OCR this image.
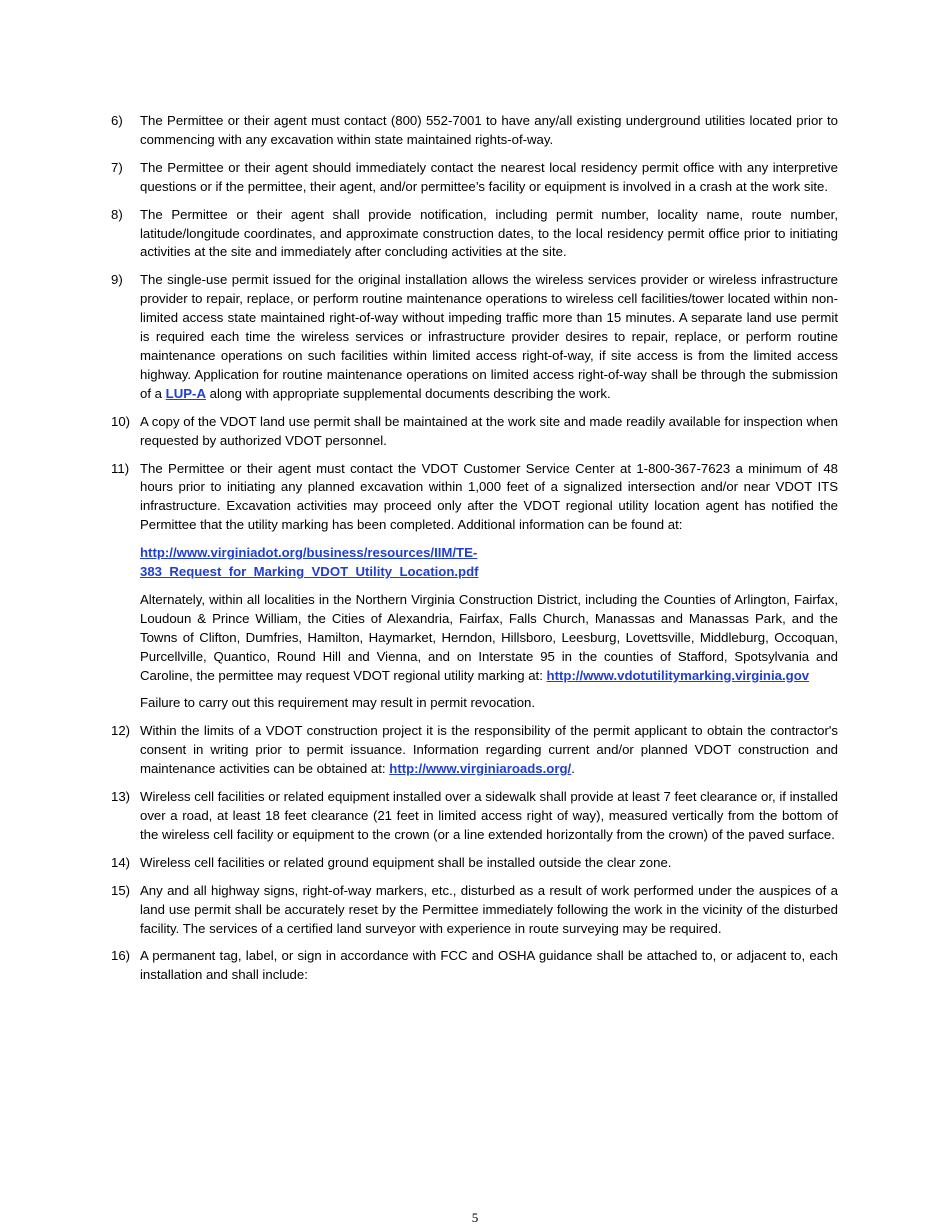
6) The Permittee or their agent must contact (800) 552-7001 to have any/all existing underground utilities located prior to commencing with any excavation within state maintained rights-of-way.
7) The Permittee or their agent should immediately contact the nearest local residency permit office with any interpretive questions or if the permittee, their agent, and/or permittee’s facility or equipment is involved in a crash at the work site.
8) The Permittee or their agent shall provide notification, including permit number, locality name, route number, latitude/longitude coordinates, and approximate construction dates, to the local residency permit office prior to initiating activities at the site and immediately after concluding activities at the site.
9) The single-use permit issued for the original installation allows the wireless services provider or wireless infrastructure provider to repair, replace, or perform routine maintenance operations to wireless cell facilities/tower located within non-limited access state maintained right-of-way without impeding traffic more than 15 minutes. A separate land use permit is required each time the wireless services or infrastructure provider desires to repair, replace, or perform routine maintenance operations on such facilities within limited access right-of-way, if site access is from the limited access highway. Application for routine maintenance operations on limited access right-of-way shall be through the submission of a LUP-A along with appropriate supplemental documents describing the work.
10) A copy of the VDOT land use permit shall be maintained at the work site and made readily available for inspection when requested by authorized VDOT personnel.
11) The Permittee or their agent must contact the VDOT Customer Service Center at 1-800-367-7623 a minimum of 48 hours prior to initiating any planned excavation within 1,000 feet of a signalized intersection and/or near VDOT ITS infrastructure. Excavation activities may proceed only after the VDOT regional utility location agent has notified the Permittee that the utility marking has been completed. Additional information can be found at:
http://www.virginiadot.org/business/resources/IIM/TE-
383_Request_for_Marking_VDOT_Utility_Location.pdf
Alternately, within all localities in the Northern Virginia Construction District, including the Counties of Arlington, Fairfax, Loudoun & Prince William, the Cities of Alexandria, Fairfax, Falls Church, Manassas and Manassas Park, and the Towns of Clifton, Dumfries, Hamilton, Haymarket, Herndon, Hillsboro, Leesburg, Lovettsville, Middleburg, Occoquan, Purcellville, Quantico, Round Hill and Vienna, and on Interstate 95 in the counties of Stafford, Spotsylvania and Caroline, the permittee may request VDOT regional utility marking at: http://www.vdotutilitymarking.virginia.gov
Failure to carry out this requirement may result in permit revocation.
12) Within the limits of a VDOT construction project it is the responsibility of the permit applicant to obtain the contractor's consent in writing prior to permit issuance. Information regarding current and/or planned VDOT construction and maintenance activities can be obtained at: http://www.virginiaroads.org/.
13) Wireless cell facilities or related equipment installed over a sidewalk shall provide at least 7 feet clearance or, if installed over a road, at least 18 feet clearance (21 feet in limited access right of way), measured vertically from the bottom of the wireless cell facility or equipment to the crown (or a line extended horizontally from the crown) of the paved surface.
14) Wireless cell facilities or related ground equipment shall be installed outside the clear zone.
15) Any and all highway signs, right-of-way markers, etc., disturbed as a result of work performed under the auspices of a land use permit shall be accurately reset by the Permittee immediately following the work in the vicinity of the disturbed facility. The services of a certified land surveyor with experience in route surveying may be required.
16) A permanent tag, label, or sign in accordance with FCC and OSHA guidance shall be attached to, or adjacent to, each installation and shall include:
5
